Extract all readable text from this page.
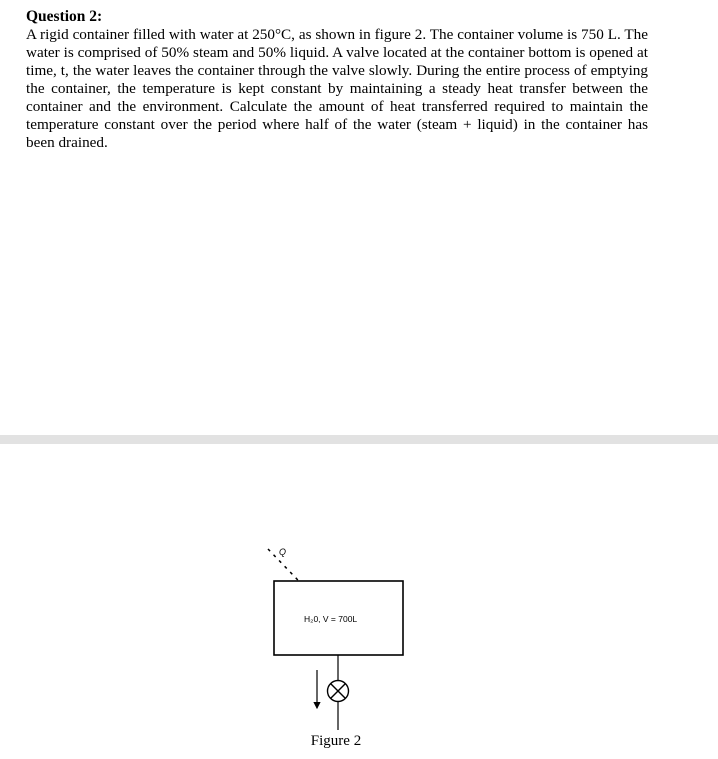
Question 2:

A rigid container filled with water at 250°C, as shown in figure 2. The container volume is 750 L. The water is comprised of 50% steam and 50% liquid. A valve located at the container bottom is opened at time, t, the water leaves the container through the valve slowly. During the entire process of emptying the container, the temperature is kept constant by maintaining a steady heat transfer between the container and the environment. Calculate the amount of heat transferred required to maintain the temperature constant over the period where half of the water (steam + liquid) in the container has been drained.

Q
H₂0, V = 700L
Figure 2
